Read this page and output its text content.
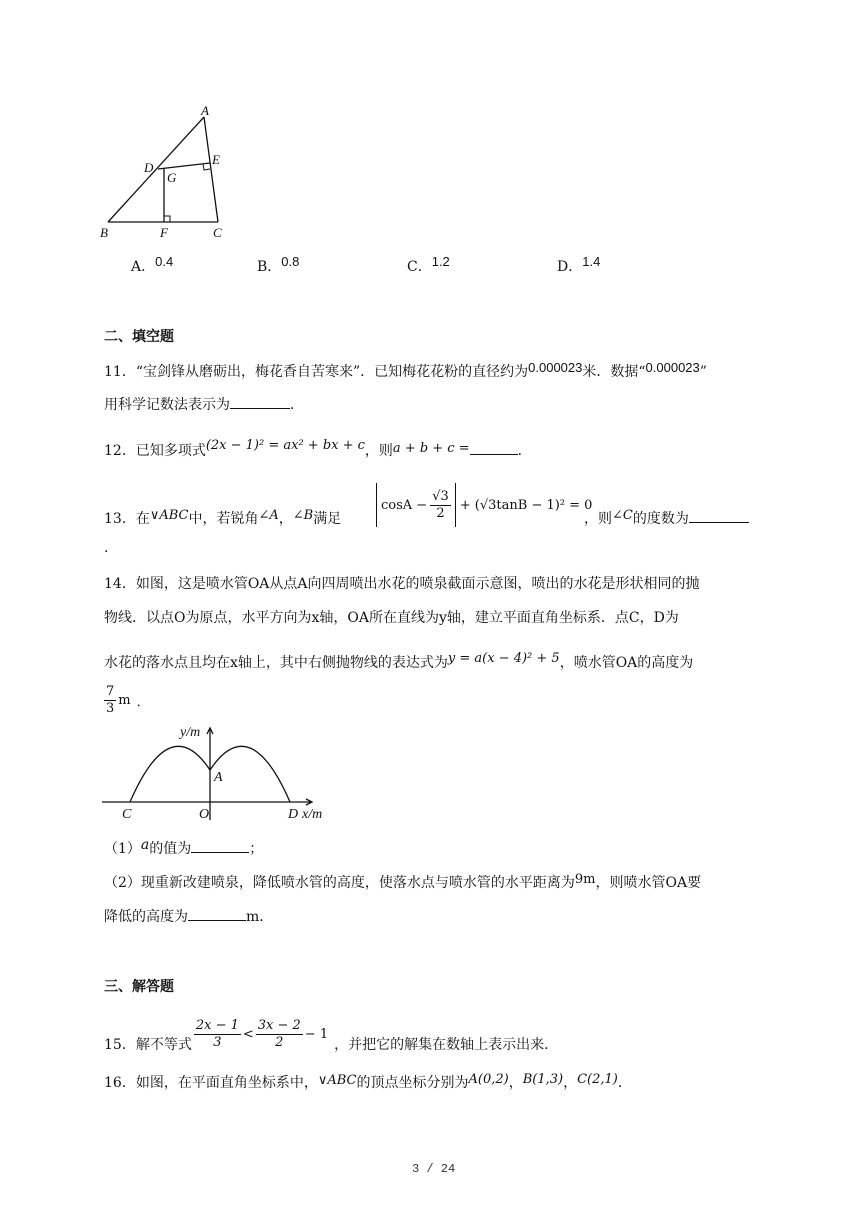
A
B	C
D
E
F
G
A．0.4	B．0.8	C．1.2	D．1.4
二、填空题
11．“宝剑锋从磨砺出，梅花香自苦寒来”．已知梅花花粉的直径约为0.000023米．数据“0.000023”
用科学记数法表示为	．
12．已知多项式(2x − 1)² = ax² + bx + c，则a + b + c =	．
13．在∨ABC中，若锐角∠A，∠B满足
$\cos A - \frac{√3}{2} + (√3\tan B - 1)^2 = 0$
，则∠C的度数为
.
14．如图，这是喷水管OA从点A向四周喷出水花的喷泉截面示意图，喷出的水花是形状相同的抛
物线．以点O为原点，水平方向为x轴，OA所在直线为y轴，建立平面直角坐标系．点C，D为
水花的落水点且均在x轴上，其中右侧抛物线的表达式为y = a(x − 4)² + 5，喷水管OA的高度为
$\frac{7}{3}$ m ．
y/m
A
O
C	D x/m
（1）a的值为	；
（2）现重新改建喷泉，降低喷水管的高度，使落水点与喷水管的水平距离为9m，则喷水管OA要
降低的高度为	m．
三、解答题
15．解不等式 $\frac{2x - 1}{3} < \frac{3x - 2}{2} - 1$
，并把它的解集在数轴上表示出来．
16．如图，在平面直角坐标系中，∨ABC的顶点坐标分别为A(0,2)，B(1,3)，C(2,1)．
3 / 24
